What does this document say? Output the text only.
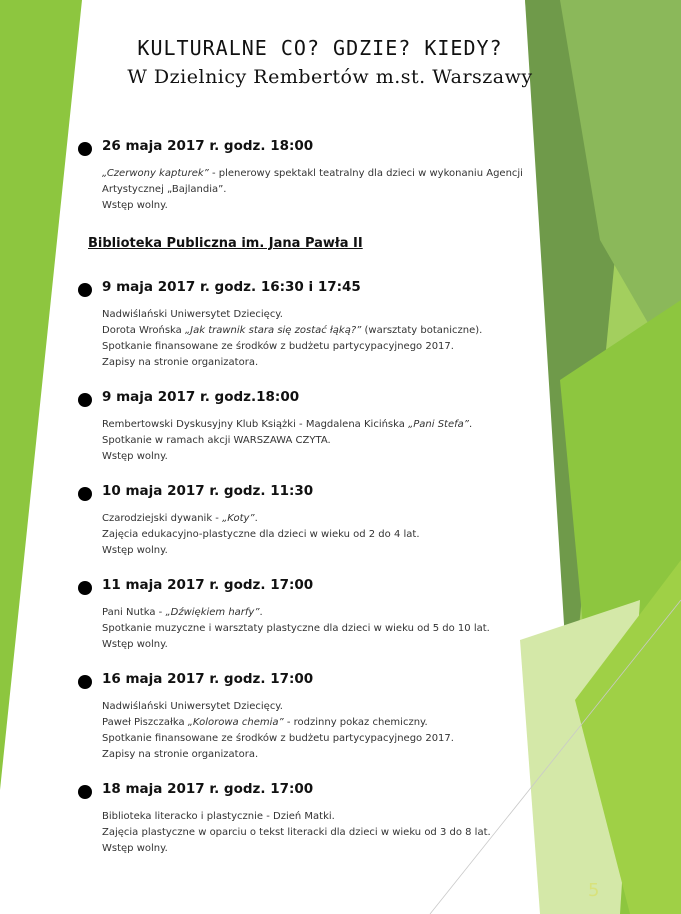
KULTURALNE CO? GDZIE? KIEDY?
W Dzielnicy Rembertów m.st. Warszawy
26 maja 2017 r. godz. 18:00
„Czerwony kapturek” - plenerowy spektakl teatralny dla dzieci w wykonaniu Agencji
Artystycznej „Bajlandia”.
Wstęp wolny.
Biblioteka Publiczna im. Jana Pawła II
9 maja 2017 r. godz. 16:30 i 17:45
Nadwiślański Uniwersytet Dziecięcy.
Dorota Wrońska „Jak trawnik stara się zostać łąką?” (warsztaty botaniczne).
Spotkanie finansowane ze środków z budżetu partycypacyjnego 2017.
Zapisy na stronie organizatora.
9 maja 2017 r. godz.18:00
Rembertowski Dyskusyjny Klub Książki - Magdalena Kicińska „Pani Stefa”.
Spotkanie w ramach akcji WARSZAWA CZYTA.
Wstęp wolny.
10 maja 2017 r. godz. 11:30
Czarodziejski dywanik - „Koty”.
Zajęcia edukacyjno-plastyczne dla dzieci w wieku od 2 do 4 lat.
Wstęp wolny.
11 maja 2017 r. godz. 17:00
Pani Nutka - „Dźwiękiem harfy”.
Spotkanie muzyczne i warsztaty plastyczne dla dzieci w wieku od 5 do 10 lat.
Wstęp wolny.
16 maja 2017 r. godz. 17:00
Nadwiślański Uniwersytet Dziecięcy.
Paweł Piszczałka „Kolorowa chemia” - rodzinny pokaz chemiczny.
Spotkanie finansowane ze środków z budżetu partycypacyjnego 2017.
Zapisy na stronie organizatora.
18 maja 2017 r. godz. 17:00
Biblioteka literacko i plastycznie - Dzień Matki.
Zajęcia plastyczne w oparciu o tekst literacki dla dzieci w wieku od 3 do 8 lat.
Wstęp wolny.
5
